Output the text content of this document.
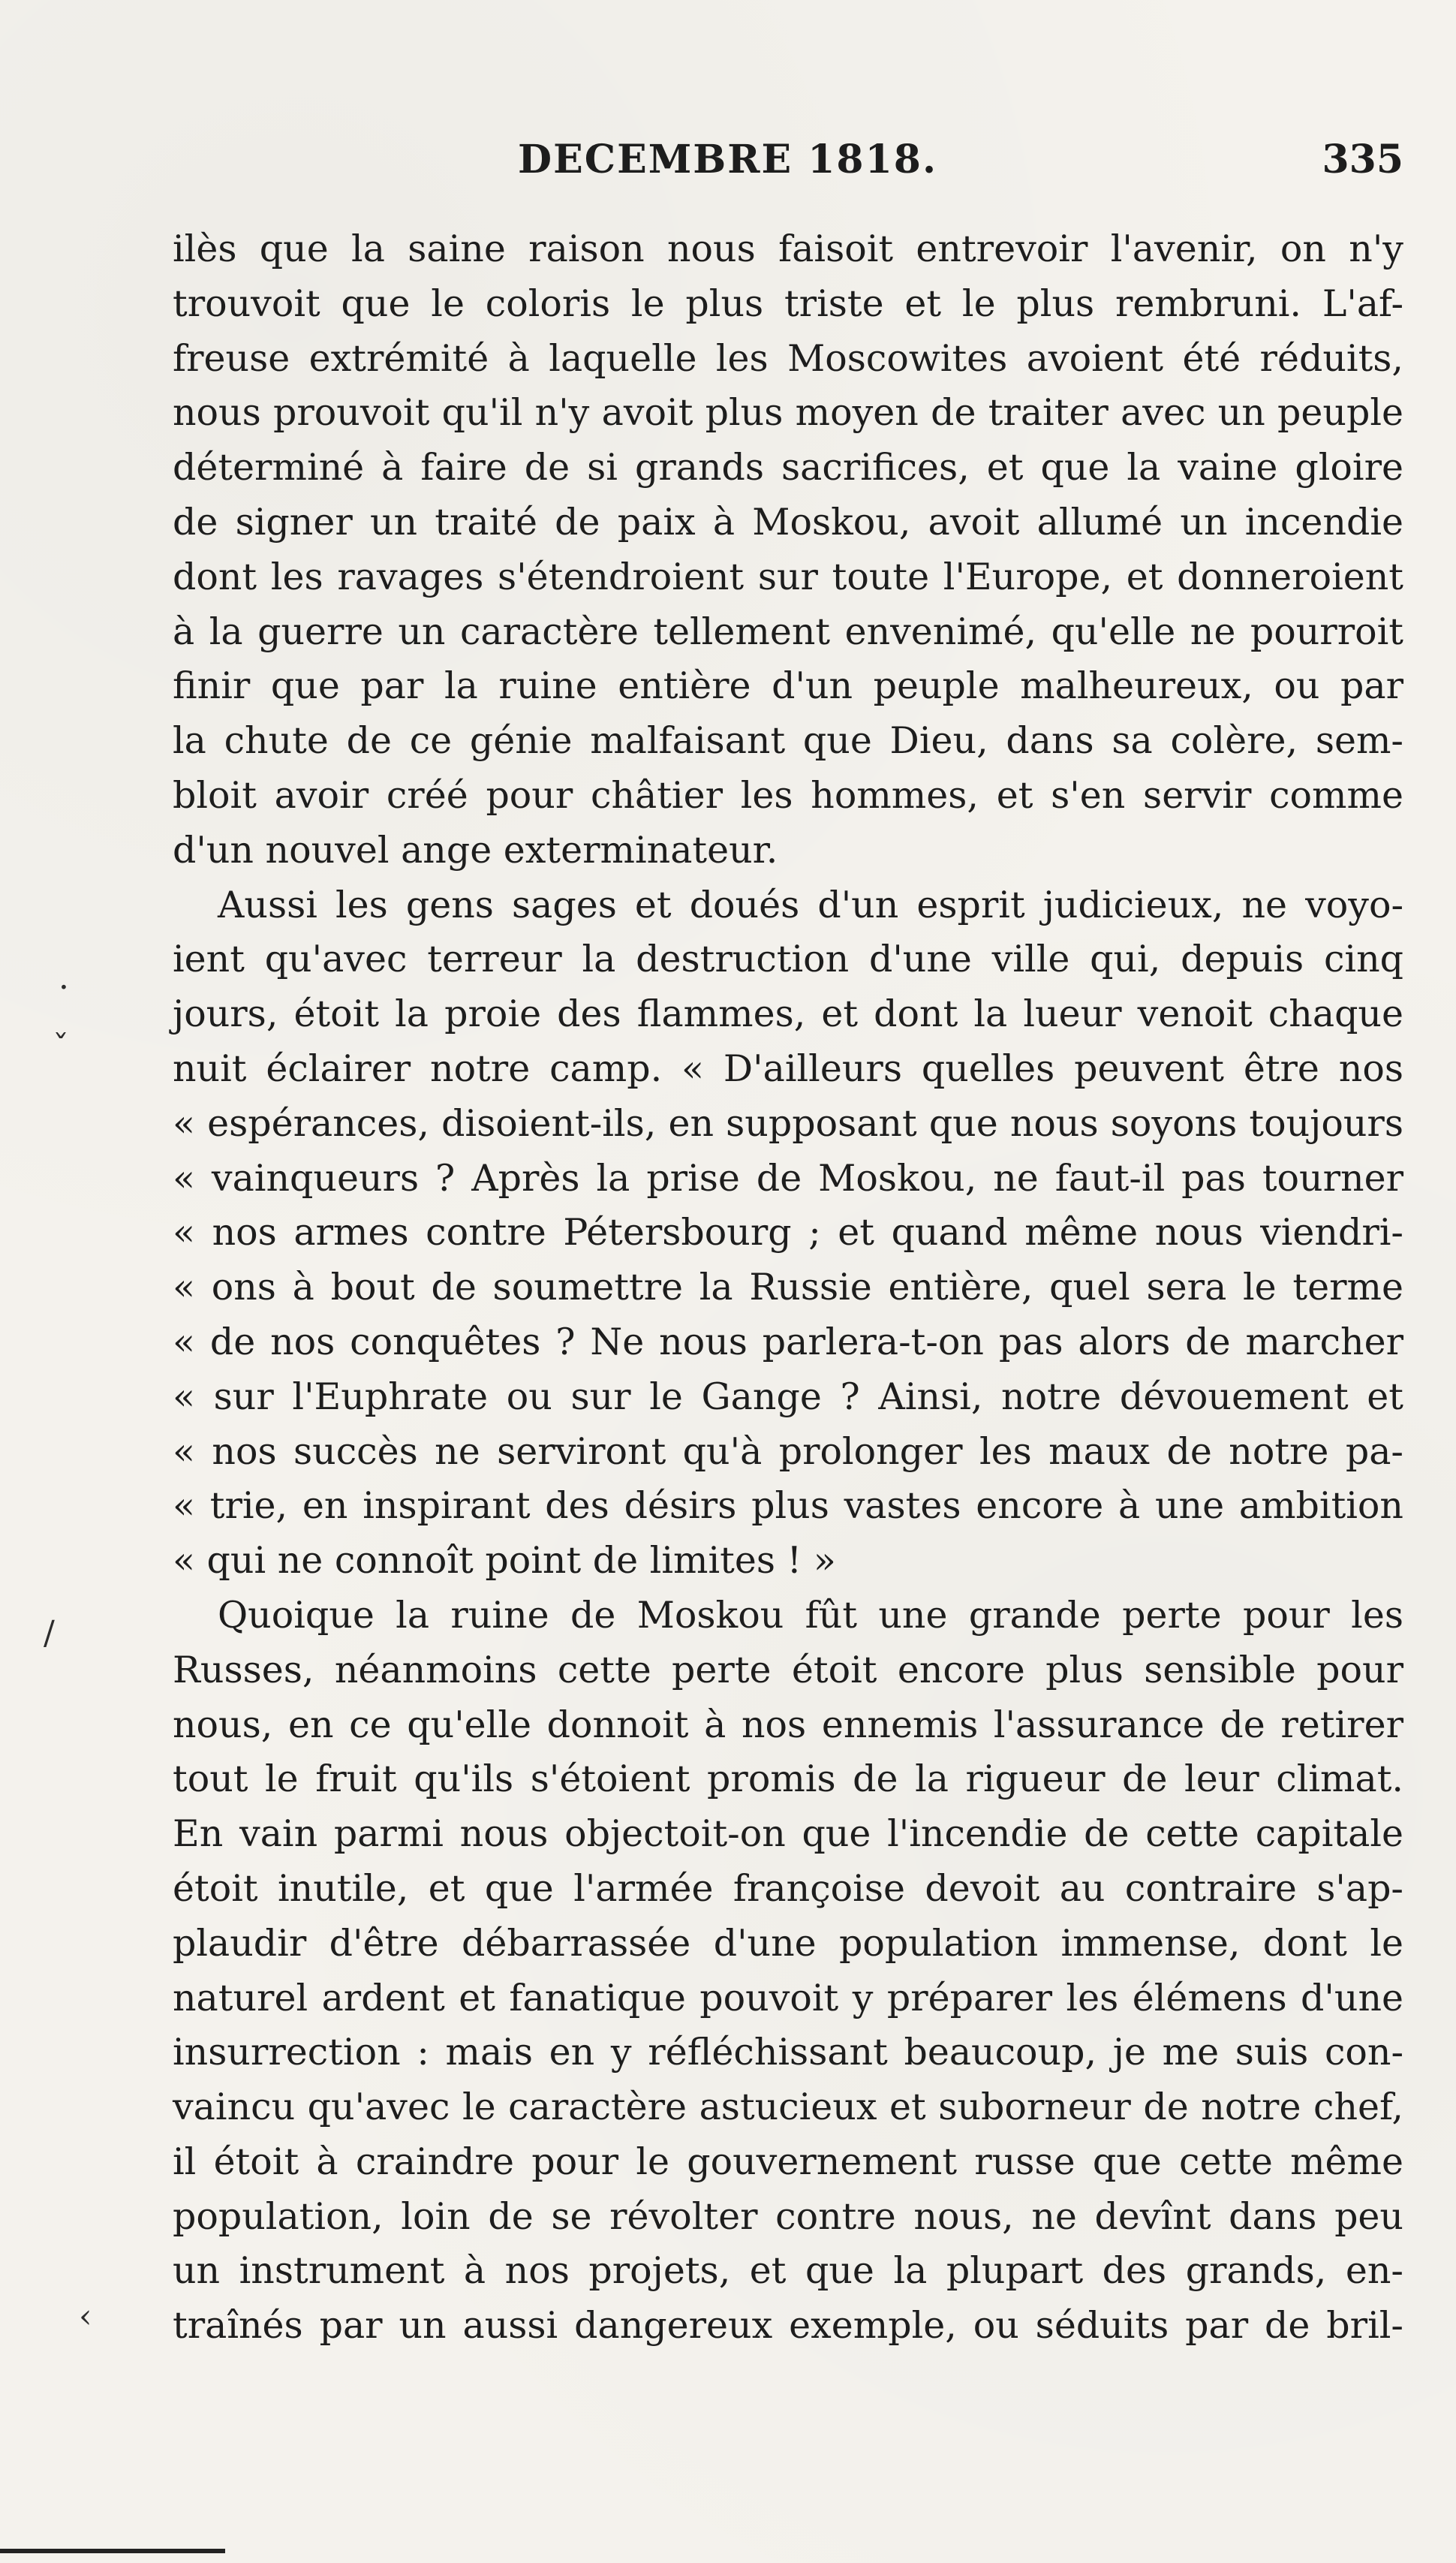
DECEMBRE 1818.	335
ilès que la saine raison nous faisoit entrevoir l'avenir, on n'y
trouvoit que le coloris le plus triste et le plus rembruni. L'af-
freuse extrémité à laquelle les Moscowites avoient été réduits,
nous prouvoit qu'il n'y avoit plus moyen de traiter avec un peuple
déterminé à faire de si grands sacrifices, et que la vaine gloire
de signer un traité de paix à Moskou, avoit allumé un incendie
dont les ravages s'étendroient sur toute l'Europe, et donneroient
à la guerre un caractère tellement envenimé, qu'elle ne pourroit
finir que par la ruine entière d'un peuple malheureux, ou par
la chute de ce génie malfaisant que Dieu, dans sa colère, sem-
bloit avoir créé pour châtier les hommes, et s'en servir comme
d'un nouvel ange exterminateur.
Aussi les gens sages et doués d'un esprit judicieux, ne voyo-
ient qu'avec terreur la destruction d'une ville qui, depuis cinq
jours, étoit la proie des flammes, et dont la lueur venoit chaque
nuit éclairer notre camp. « D'ailleurs quelles peuvent être nos
« espérances, disoient-ils, en supposant que nous soyons toujours
« vainqueurs ? Après la prise de Moskou, ne faut-il pas tourner
« nos armes contre Pétersbourg ; et quand même nous viendri-
« ons à bout de soumettre la Russie entière, quel sera le terme
« de nos conquêtes ? Ne nous parlera-t-on pas alors de marcher
« sur l'Euphrate ou sur le Gange ? Ainsi, notre dévouement et
« nos succès ne serviront qu'à prolonger les maux de notre pa-
« trie, en inspirant des désirs plus vastes encore à une ambition
« qui ne connoît point de limites ! »
Quoique la ruine de Moskou fût une grande perte pour les
Russes, néanmoins cette perte étoit encore plus sensible pour
nous, en ce qu'elle donnoit à nos ennemis l'assurance de retirer
tout le fruit qu'ils s'étoient promis de la rigueur de leur climat.
En vain parmi nous objectoit-on que l'incendie de cette capitale
étoit inutile, et que l'armée françoise devoit au contraire s'ap-
plaudir d'être débarrassée d'une population immense, dont le
naturel ardent et fanatique pouvoit y préparer les élémens d'une
insurrection : mais en y réfléchissant beaucoup, je me suis con-
vaincu qu'avec le caractère astucieux et suborneur de notre chef,
il étoit à craindre pour le gouvernement russe que cette même
population, loin de se révolter contre nous, ne devînt dans peu
un instrument à nos projets, et que la plupart des grands, en-
traînés par un aussi dangereux exemple, ou séduits par de bril-
·
ˇ
/
‹
